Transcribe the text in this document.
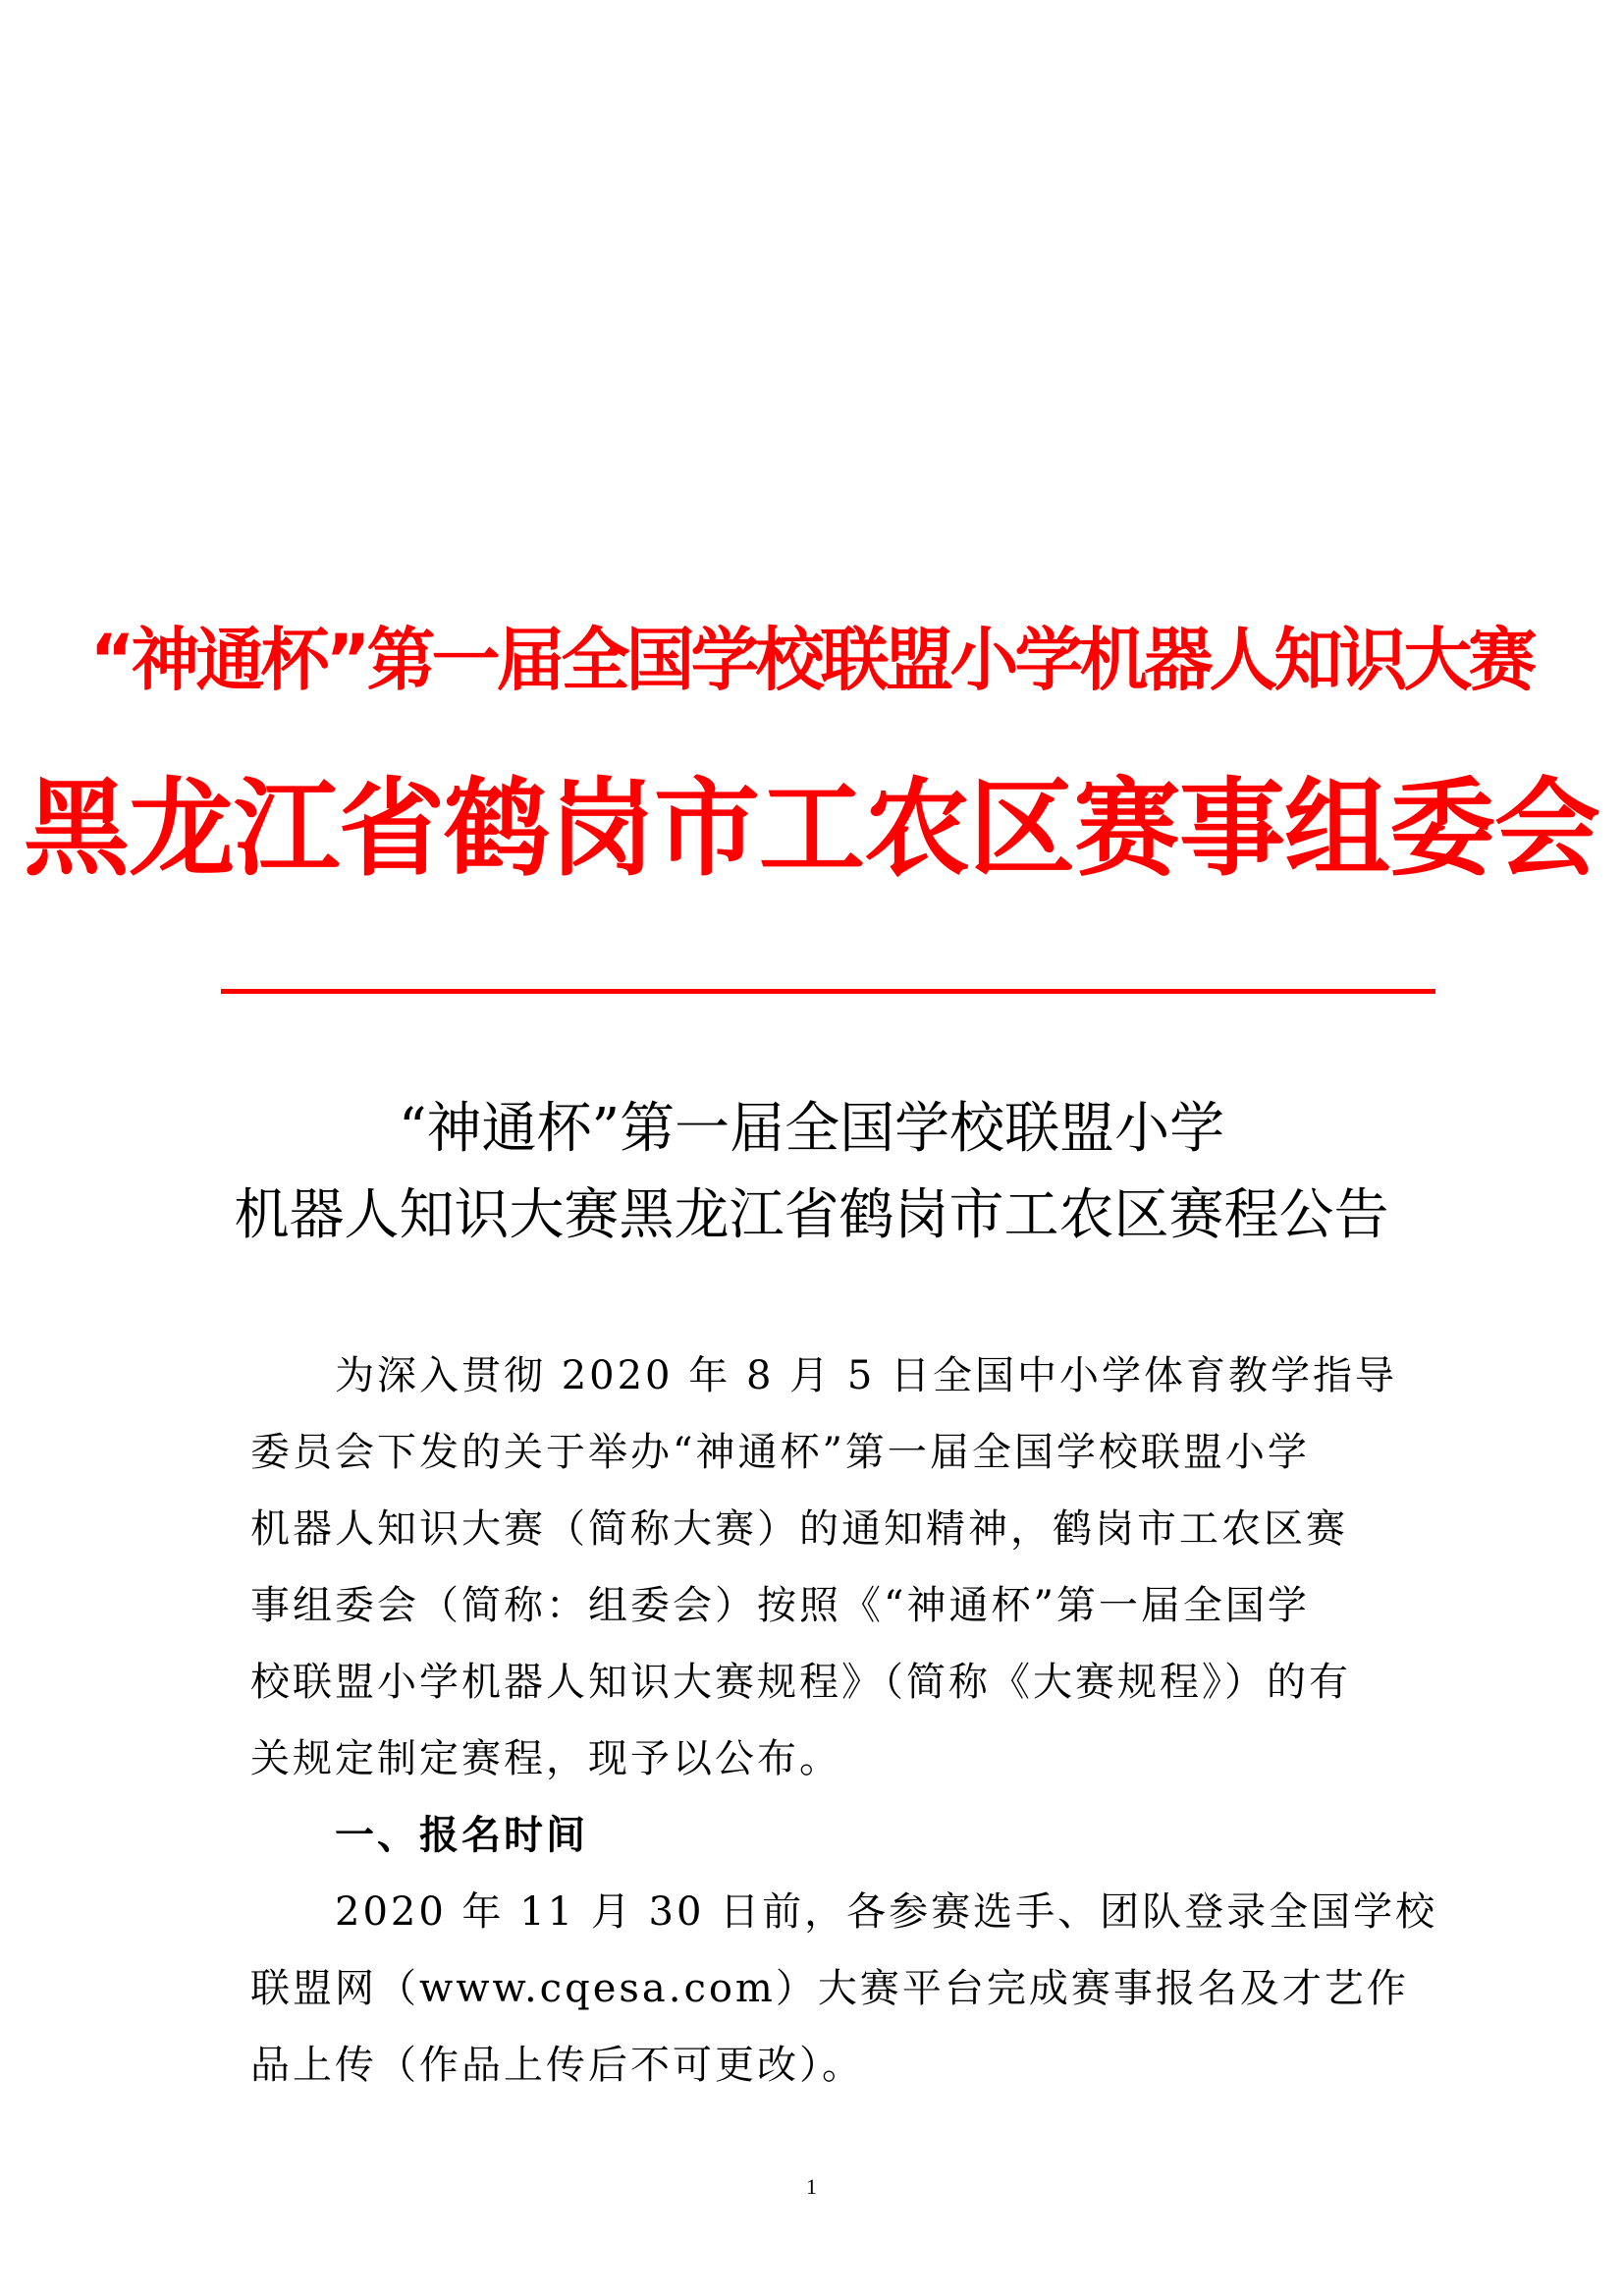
“神通杯”第一届全国学校联盟小学机器人知识大赛
黑龙江省鹤岗市工农区赛事组委会
“神通杯”第一届全国学校联盟小学
机器人知识大赛黑龙江省鹤岗市工农区赛程公告
　　为深入贯彻 2020 年 8 月 5 日全国中小学体育教学指导
委员会下发的关于举办“神通杯”第一届全国学校联盟小学
机器人知识大赛（简称大赛）的通知精神，鹤岗市工农区赛
事组委会（简称：组委会）按照《“神通杯”第一届全国学
校联盟小学机器人知识大赛规程》（简称《大赛规程》）的有
关规定制定赛程，现予以公布。
　　一、报名时间
　　2020 年 11 月 30 日前，各参赛选手、团队登录全国学校
联盟网（www.cqesa.com）大赛平台完成赛事报名及才艺作
品上传（作品上传后不可更改）。
1
